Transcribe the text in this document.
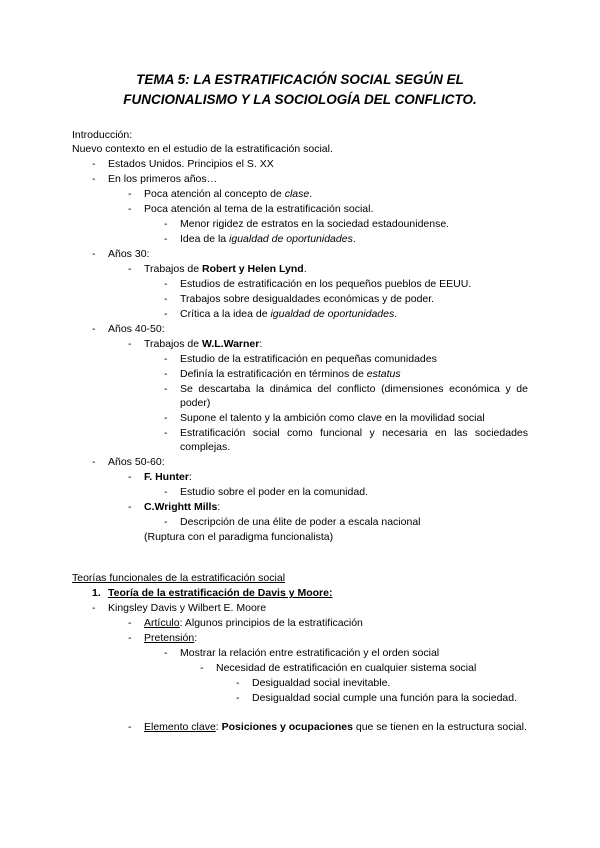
TEMA 5: LA ESTRATIFICACIÓN SOCIAL SEGÚN EL
FUNCIONALISMO Y LA SOCIOLOGÍA DEL CONFLICTO.
Introducción:
Nuevo contexto en el estudio de la estratificación social.
- Estados Unidos. Principios el S. XX
- En los primeros años…
- Poca atención al concepto de clase.
- Poca atención al tema de la estratificación social.
- Menor rigidez de estratos en la sociedad estadounidense.
- Idea de la igualdad de oportunidades.
- Años 30:
- Trabajos de Robert y Helen Lynd.
- Estudios de estratificación en los pequeños pueblos de EEUU.
- Trabajos sobre desigualdades económicas y de poder.
- Crítica a la idea de igualdad de oportunidades.
- Años 40-50:
- Trabajos de W.L.Warner:
- Estudio de la estratificación en pequeñas comunidades
- Definía la estratificación en términos de estatus
- Se descartaba la dinámica del conflicto (dimensiones económica y de poder)
- Supone el talento y la ambición como clave en la movilidad social
- Estratificación social como funcional y necesaria en las sociedades complejas.
- Años 50-60:
- F. Hunter:
- Estudio sobre el poder en la comunidad.
- C.Wrightt Mills:
- Descripción de una élite de poder a escala nacional
(Ruptura con el paradigma funcionalista)
Teorías funcionales de la estratificación social
1. Teoría de la estratificación de Davis y Moore:
- Kingsley Davis y Wilbert E. Moore
- Artículo: Algunos principios de la estratificación
- Pretensión:
- Mostrar la relación entre estratificación y el orden social
- Necesidad de estratificación en cualquier sistema social
- Desigualdad social inevitable.
- Desigualdad social cumple una función para la sociedad.
- Elemento clave: Posiciones y ocupaciones que se tienen en la estructura social.
